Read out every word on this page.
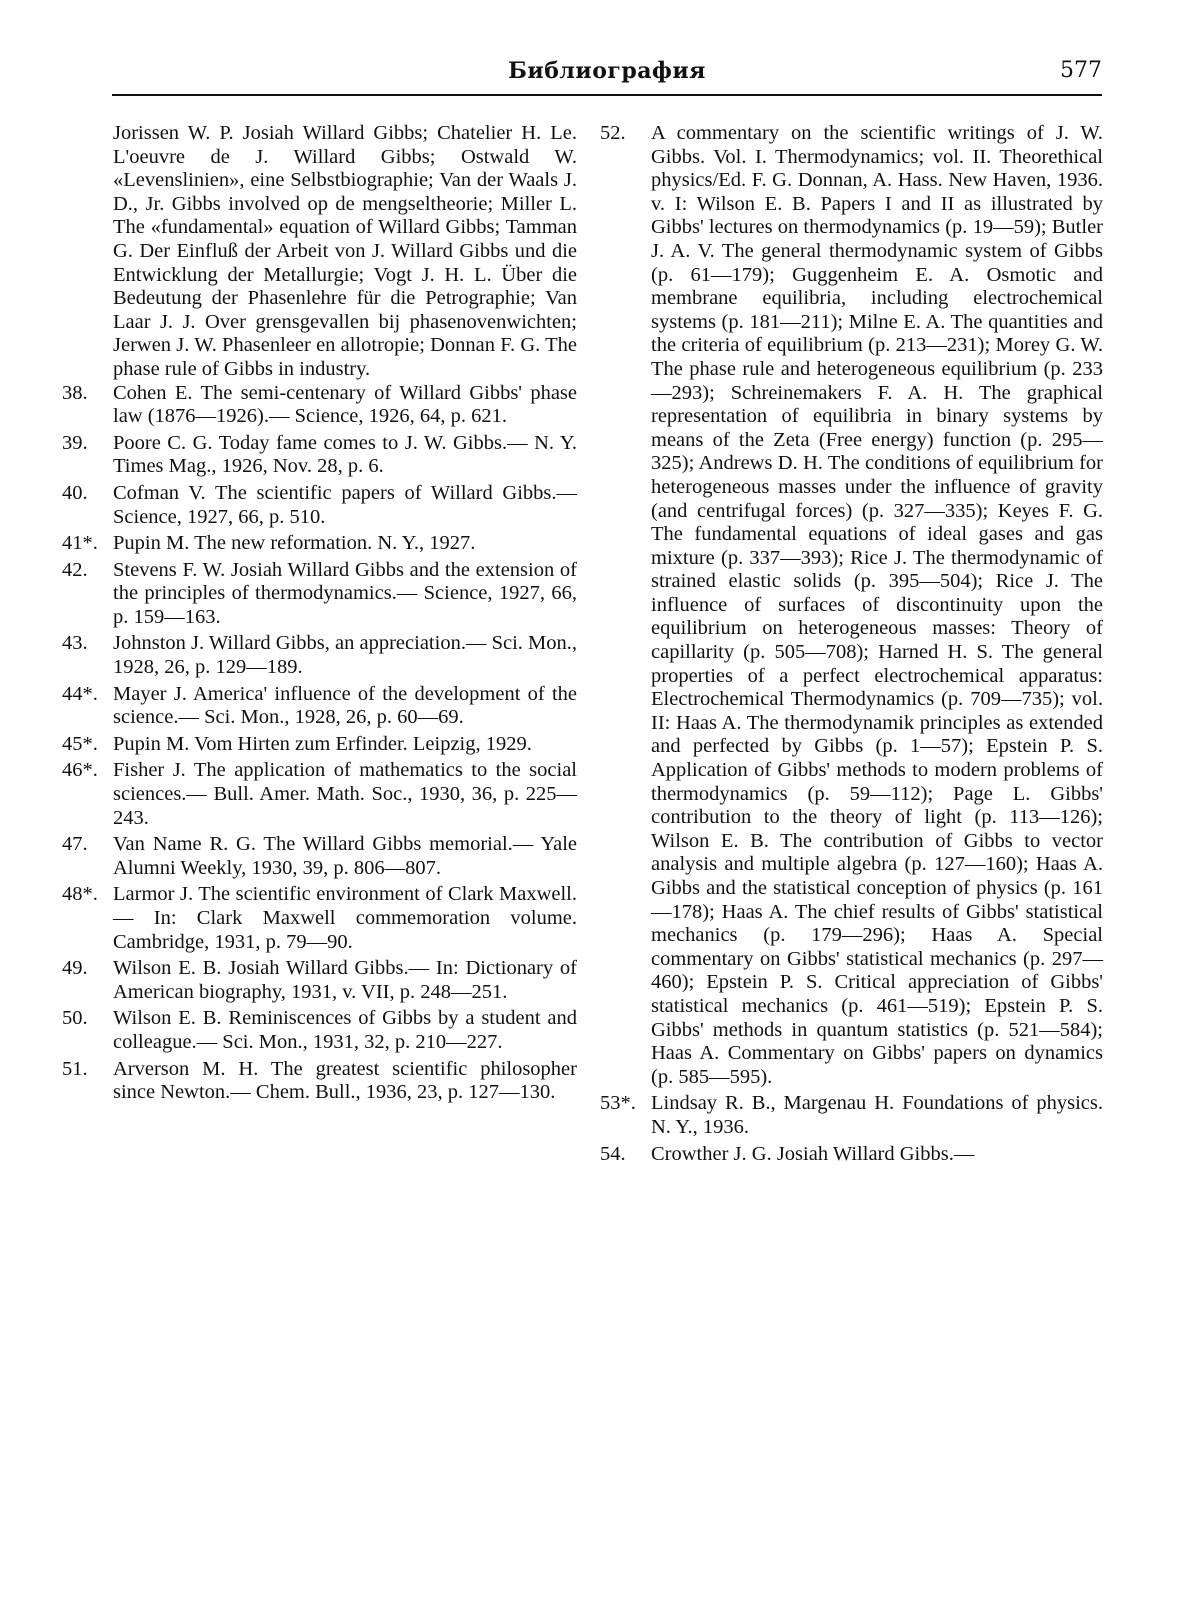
Библиография	577
Jorissen W. P. Josiah Willard Gibbs; Chatelier H. Le. L'oeuvre de J. Willard Gibbs; Ostwald W. «Levenslinien», eine Selbstbiographie; Van der Waals J. D., Jr. Gibbs involved op de mengseltheorie; Miller L. The «fundamental» equation of Willard Gibbs; Tamman G. Der Einfluß der Arbeit von J. Willard Gibbs und die Entwicklung der Metallurgie; Vogt J. H. L. Über die Bedeutung der Phasenlehre für die Petrographie; Van Laar J. J. Over grensgevallen bij phasenovenwichten; Jerwen J. W. Phasenleer en allotropie; Donnan F. G. The phase rule of Gibbs in industry.
38.	Cohen E. The semi-centenary of Willard Gibbs' phase law (1876—1926).— Science, 1926, 64, p. 621.
39.	Poore C. G. Today fame comes to J. W. Gibbs.— N. Y. Times Mag., 1926, Nov. 28, p. 6.
40.	Cofman V. The scientific papers of Willard Gibbs.— Science, 1927, 66, p. 510.
41*. Pupin M. The new reformation. N. Y., 1927.
42.	Stevens F. W. Josiah Willard Gibbs and the extension of the principles of thermodynamics.— Science, 1927, 66, p. 159—163.
43.	Johnston J. Willard Gibbs, an appreciation.— Sci. Mon., 1928, 26, p. 129—189.
44*. Mayer J. America' influence of the development of the science.— Sci. Mon., 1928, 26, p. 60—69.
45*. Pupin M. Vom Hirten zum Erfinder. Leipzig, 1929.
46*. Fisher J. The application of mathematics to the social sciences.— Bull. Amer. Math. Soc., 1930, 36, p. 225—243.
47.	Van Name R. G. The Willard Gibbs memorial.— Yale Alumni Weekly, 1930, 39, p. 806—807.
48*. Larmor J. The scientific environment of Clark Maxwell.— In: Clark Maxwell commemoration volume. Cambridge, 1931, p. 79—90.
49.	Wilson E. B. Josiah Willard Gibbs.— In: Dictionary of American biography, 1931, v. VII, p. 248—251.
50.	Wilson E. B. Reminiscences of Gibbs by a student and colleague.— Sci. Mon., 1931, 32, p. 210—227.
51.	Arverson M. H. The greatest scientific philosopher since Newton.— Chem. Bull., 1936, 23, p. 127—130.
52.	A commentary on the scientific writings of J. W. Gibbs. Vol. I. Thermodynamics; vol. II. Theorethical physics/Ed. F. G. Donnan, A. Hass. New Haven, 1936. v. I: Wilson E. B. Papers I and II as illustrated by Gibbs' lectures on thermodynamics (p. 19—59); Butler J. A. V. The general thermodynamic system of Gibbs (p. 61—179); Guggenheim E. A. Osmotic and membrane equilibria, including electrochemical systems (p. 181—211); Milne E. A. The quantities and the criteria of equilibrium (p. 213—231); Morey G. W. The phase rule and heterogeneous equilibrium (p. 233—293); Schreinemakers F. A. H. The graphical representation of equilibria in binary systems by means of the Zeta (Free energy) function (p. 295—325); Andrews D. H. The conditions of equilibrium for heterogeneous masses under the influence of gravity (and centrifugal forces) (p. 327—335); Keyes F. G. The fundamental equations of ideal gases and gas mixture (p. 337—393); Rice J. The thermodynamic of strained elastic solids (p. 395—504); Rice J. The influence of surfaces of discontinuity upon the equilibrium on heterogeneous masses: Theory of capillarity (p. 505—708); Harned H. S. The general properties of a perfect electrochemical apparatus: Electrochemical Thermodynamics (p. 709—735); vol. II: Haas A. The thermodynamik principles as extended and perfected by Gibbs (p. 1—57); Epstein P. S. Application of Gibbs' methods to modern problems of thermodynamics (p. 59—112); Page L. Gibbs' contribution to the theory of light (p. 113—126); Wilson E. B. The contribution of Gibbs to vector analysis and multiple algebra (p. 127—160); Haas A. Gibbs and the statistical conception of physics (p. 161—178); Haas A. The chief results of Gibbs' statistical mechanics (p. 179—296); Haas A. Special commentary on Gibbs' statistical mechanics (p. 297—460); Epstein P. S. Critical appreciation of Gibbs' statistical mechanics (p. 461—519); Epstein P. S. Gibbs' methods in quantum statistics (p. 521—584); Haas A. Commentary on Gibbs' papers on dynamics (p. 585—595).
53*. Lindsay R. B., Margenau H. Foundations of physics. N. Y., 1936.
54.	Crowther J. G. Josiah Willard Gibbs.—
